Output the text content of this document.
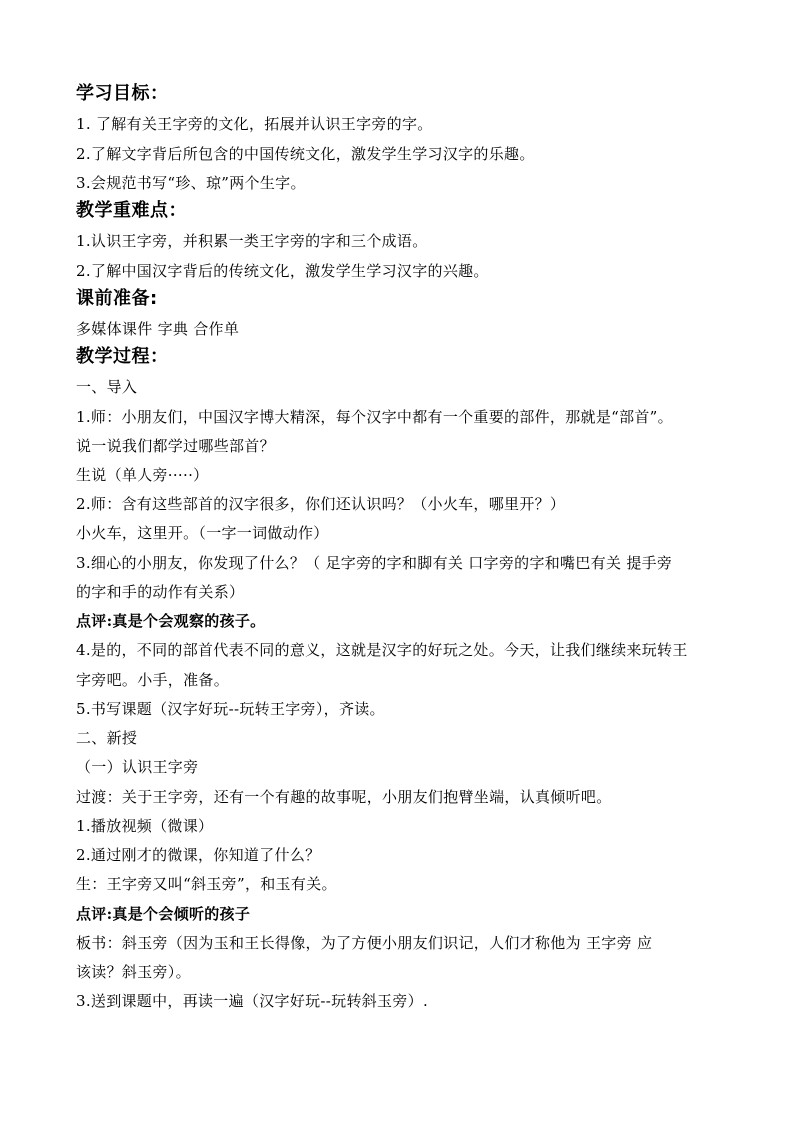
学习目标：
1. 了解有关王字旁的文化，拓展并认识王字旁的字。
2.了解文字背后所包含的中国传统文化，激发学生学习汉字的乐趣。
3.会规范书写“珍、琼”两个生字。
教学重难点：
1.认识王字旁，并积累一类王字旁的字和三个成语。
2.了解中国汉字背后的传统文化，激发学生学习汉字的兴趣。
课前准备:
多媒体课件 字典 合作单
教学过程：
一、导入
1.师：小朋友们，中国汉字博大精深，每个汉字中都有一个重要的部件，那就是“部首”。
说一说我们都学过哪些部首？
生说（单人旁·····）
2.师：含有这些部首的汉字很多，你们还认识吗？（小火车，哪里开？）
小火车，这里开。（一字一词做动作）
3.细心的小朋友，你发现了什么？（ 足字旁的字和脚有关 口字旁的字和嘴巴有关 提手旁
的字和手的动作有关系）
点评:真是个会观察的孩子。
4.是的，不同的部首代表不同的意义，这就是汉字的好玩之处。今天，让我们继续来玩转王
字旁吧。小手，准备。
5.书写课题（汉字好玩--玩转王字旁），齐读。
二、新授
（一）认识王字旁
过渡：关于王字旁，还有一个有趣的故事呢，小朋友们抱臂坐端，认真倾听吧。
1.播放视频（微课）
2.通过刚才的微课，你知道了什么？
生：王字旁又叫“斜玉旁”，和玉有关。
点评:真是个会倾听的孩子
板书：斜玉旁（因为玉和王长得像，为了方便小朋友们识记，人们才称他为 王字旁 应
该读？斜玉旁）。
3.送到课题中，再读一遍（汉字好玩--玩转斜玉旁）.
